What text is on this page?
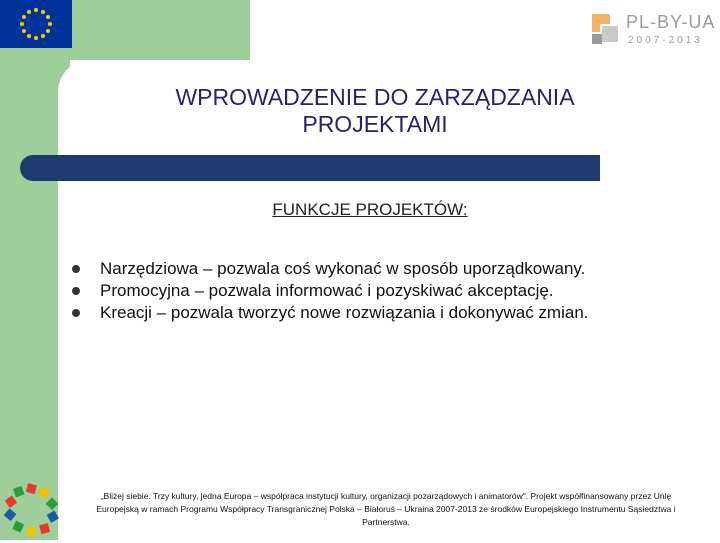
PL-BY-UA
2007-2013
WPROWADZENIE DO ZARZĄDZANIA PROJEKTAMI
FUNKCJE PROJEKTÓW:
Narzędziowa – pozwala coś wykonać w sposób uporządkowany.
Promocyjna – pozwala informować i pozyskiwać akceptację.
Kreacji – pozwala tworzyć nowe rozwiązania i dokonywać zmian.
„Bliżej siebie. Trzy kultury, jedna Europa – współpraca instytucji kultury, organizacji pozarządowych i animatorów". Projekt współfinansowany przez Unię Europejską w ramach Programu Współpracy Transgranicznej Polska – Białoruś – Ukraina 2007-2013 ze środków Europejskiego Instrumentu Sąsiedztwa i Partnerstwa.
